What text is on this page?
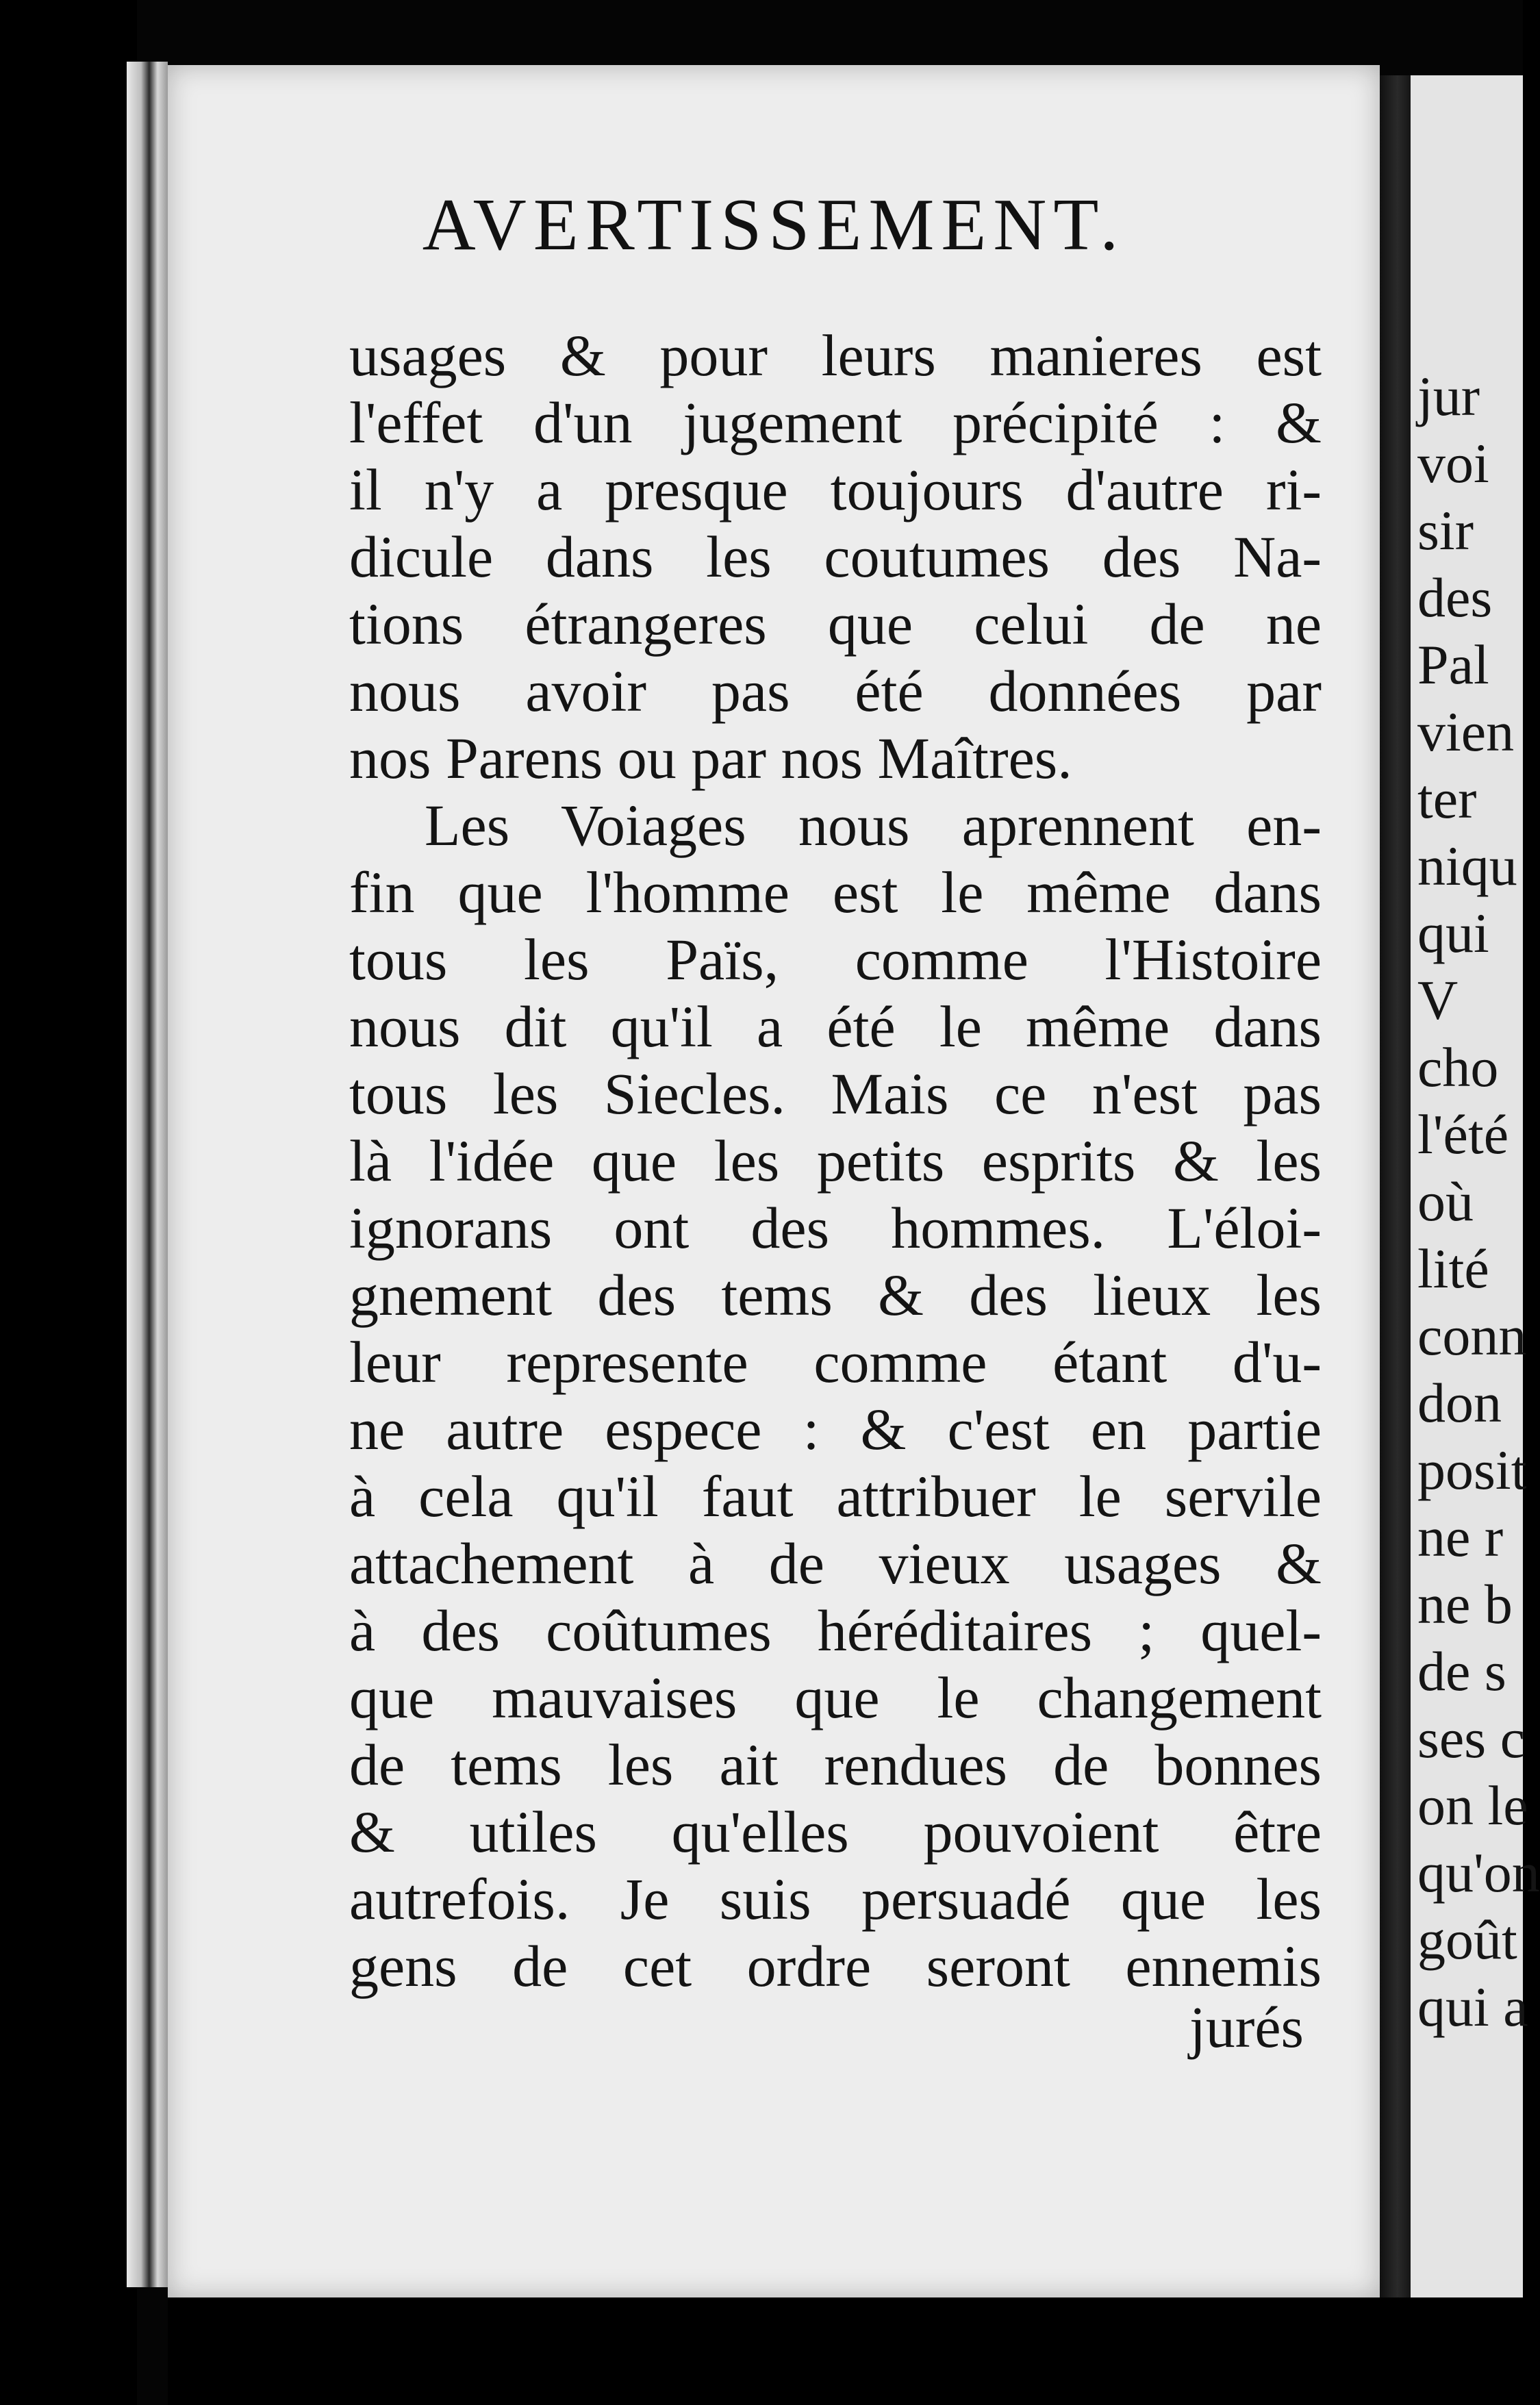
AVERTISSEMENT.
usages & pour leurs manieres est
l'effet d'un jugement précipité : &
il n'y a presque toujours d'autre ri-
dicule dans les coutumes des Na-
tions étrangeres que celui de ne
nous avoir pas été données par
nos Parens ou par nos Maîtres.
Les Voiages nous aprennent en-
fin que l'homme est le même dans
tous les Païs, comme l'Histoire
nous dit qu'il a été le même dans
tous les Siecles. Mais ce n'est pas
là l'idée que les petits esprits & les
ignorans ont des hommes. L'éloi-
gnement des tems & des lieux les
leur represente comme étant d'u-
ne autre espece : & c'est en partie
à cela qu'il faut attribuer le servile
attachement à de vieux usages &
à des coûtumes héréditaires ; quel-
que mauvaises que le changement
de tems les ait rendues de bonnes
& utiles qu'elles pouvoient être
autrefois. Je suis persuadé que les
gens de cet ordre seront ennemis
jurés
jur
voi
sir
des
Pal
vien
ter
niqu
qui
V
cho
l'été
où
lité
conn
don
posit
ne r
ne b
de s
ses c
on le
qu'on
goût
qui a
